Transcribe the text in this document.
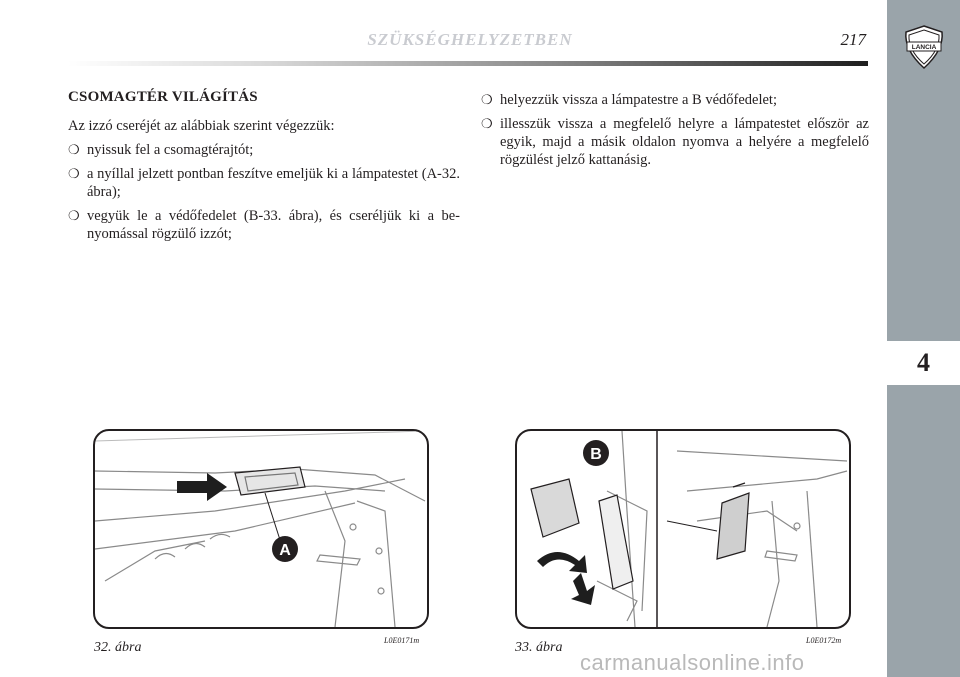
SZÜKSÉGHELYZETBEN	217	LANCIA
4
CSOMAGTÉR VILÁGÍTÁS
Az izzó cseréjét az alábbiak szerint végezzük:
❍ nyissuk fel a csomagtérajtót;
❍ a nyíllal jelzett pontban feszítve emeljük ki a lámpatestet (A-32. ábra);
❍ vegyük le a védőfedelet (B-33. ábra), és cseréljük ki a benyomással rögzülő izzót;
❍ helyezzük vissza a lámpatestre a B védőfedelet;
❍ illesszük vissza a megfelelő helyre a lámpatestet először az egyik, majd a másik oldalon nyomva a helyére a megfelelő rögzülést jelző kattanásig.
A
B
32. ábra	L0E0171m	33. ábra	L0E0172m
carmanualsonline.info
